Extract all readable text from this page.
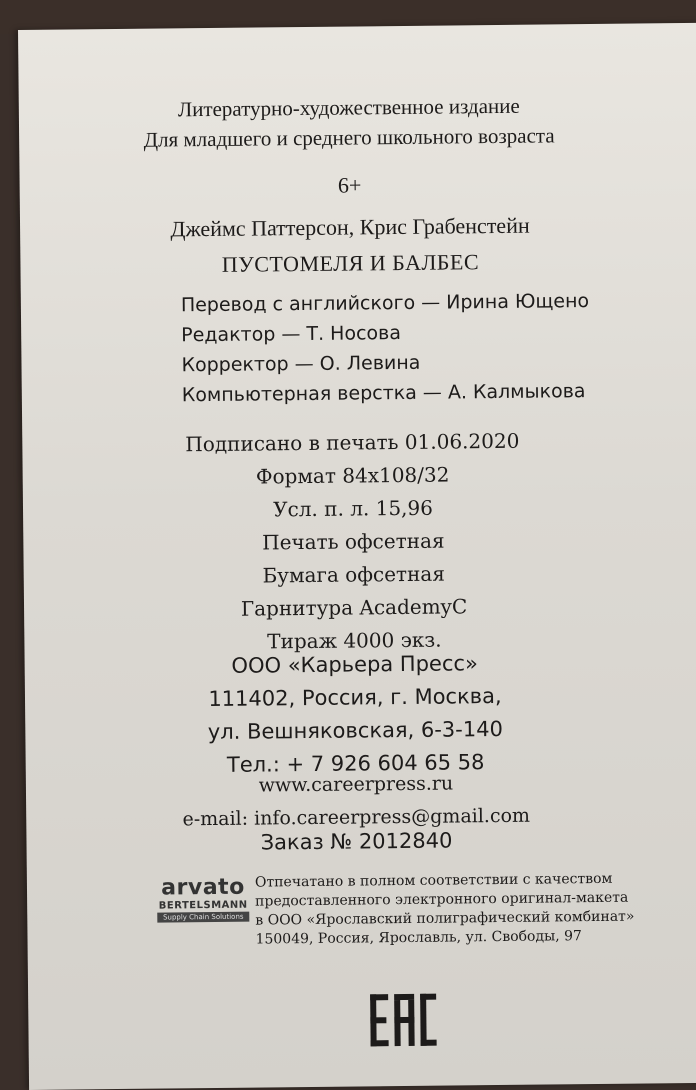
Литературно-художественное издание
Для младшего и среднего школьного возраста
6+
Джеймс Паттерсон, Крис Грабенстейн
ПУСТОМЕЛЯ И БАЛБЕС
Перевод с английского — Ирина Ющено
Редактор — Т. Носова
Корректор — О. Левина
Компьютерная верстка — А. Калмыкова
Подписано в печать 01.06.2020
Формат 84x108/32
Усл. п. л. 15,96
Печать офсетная
Бумага офсетная
Гарнитура AcademyC
Тираж 4000 экз.
ООО «Карьера Пресс»
111402, Россия, г. Москва,
ул. Вешняковская, 6-3-140
Тел.: + 7 926 604 65 58
www.careerpress.ru
e-mail: info.careerpress@gmail.com
Заказ № 2012840
arvato
BERTELSMANN
Supply Chain Solutions
Отпечатано в полном соответствии с качеством
предоставленного электронного оригинал-макета
в ООО «Ярославский полиграфический комбинат»
150049, Россия, Ярославль, ул. Свободы, 97
